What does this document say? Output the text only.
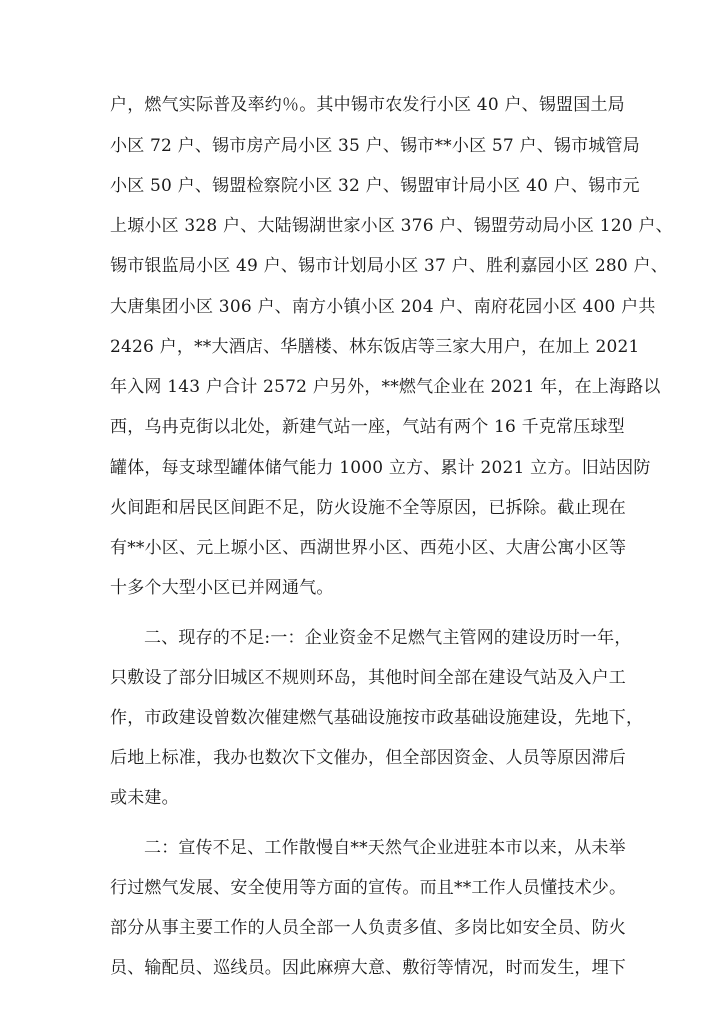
户，燃气实际普及率约％。其中锡市农发行小区 40 户、锡盟国土局
小区 72 户、锡市房产局小区 35 户、锡市**小区 57 户、锡市城管局
小区 50 户、锡盟检察院小区 32 户、锡盟审计局小区 40 户、锡市元
上塬小区 328 户、大陆锡湖世家小区 376 户、锡盟劳动局小区 120 户、
锡市银监局小区 49 户、锡市计划局小区 37 户、胜利嘉园小区 280 户、
大唐集团小区 306 户、南方小镇小区 204 户、南府花园小区 400 户共
2426 户，**大酒店、华膳楼、林东饭店等三家大用户，在加上 2021
年入网 143 户合计 2572 户另外，**燃气企业在 2021 年，在上海路以
西，乌冉克街以北处，新建气站一座，气站有两个 16 千克常压球型
罐体，每支球型罐体储气能力 1000 立方、累计 2021 立方。旧站因防
火间距和居民区间距不足，防火设施不全等原因，已拆除。截止现在
有**小区、元上塬小区、西湖世界小区、西苑小区、大唐公寓小区等
十多个大型小区已并网通气。
二、现存的不足:一：企业资金不足燃气主管网的建设历时一年，
只敷设了部分旧城区不规则环岛，其他时间全部在建设气站及入户工
作，市政建设曾数次催建燃气基础设施按市政基础设施建设，先地下，
后地上标准，我办也数次下文催办，但全部因资金、人员等原因滞后
或未建。
二：宣传不足、工作散慢自**天然气企业进驻本市以来，从未举
行过燃气发展、安全使用等方面的宣传。而且**工作人员懂技术少。
部分从事主要工作的人员全部一人负责多值、多岗比如安全员、防火
员、输配员、巡线员。因此麻痹大意、敷衍等情况，时而发生，埋下
